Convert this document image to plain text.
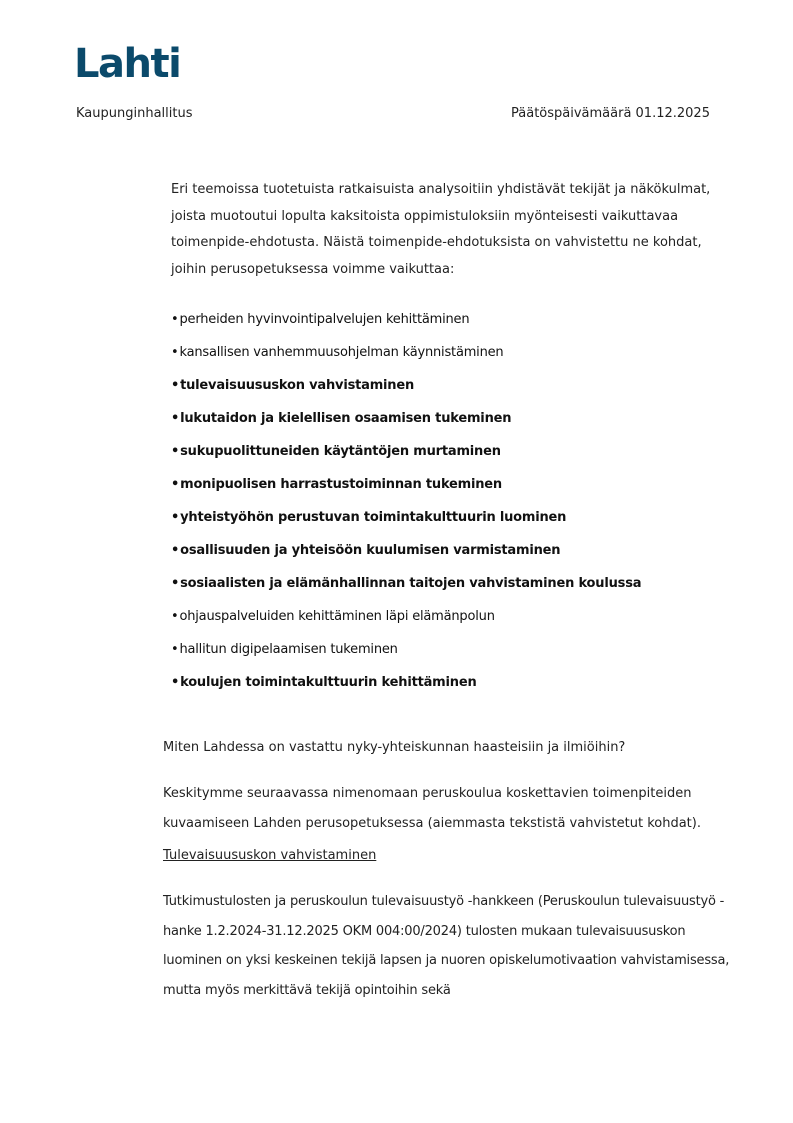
Lahti
Kaupunginhallitus	Päätöspäivämäärä 01.12.2025

Eri teemoissa tuotetuista ratkaisuista analysoitiin yhdistävät tekijät ja näkökulmat, joista muotoutui lopulta kaksitoista oppimistuloksiin myönteisesti vaikuttavaa toimenpide-ehdotusta. Näistä toimenpide-ehdotuksista on vahvistettu ne kohdat, joihin perusopetuksessa voimme vaikuttaa:

•perheiden hyvinvointipalvelujen kehittäminen
•kansallisen vanhemmuusohjelman käynnistäminen
•tulevaisuususkon vahvistaminen
•lukutaidon ja kielellisen osaamisen tukeminen
•sukupuolittuneiden käytäntöjen murtaminen
•monipuolisen harrastustoiminnan tukeminen
•yhteistyöhön perustuvan toimintakulttuurin luominen
•osallisuuden ja yhteisöön kuulumisen varmistaminen
•sosiaalisten ja elämänhallinnan taitojen vahvistaminen koulussa
•ohjauspalveluiden kehittäminen läpi elämänpolun
•hallitun digipelaamisen tukeminen
•koulujen toimintakulttuurin kehittäminen

Miten Lahdessa on vastattu nyky-yhteiskunnan haasteisiin ja ilmiöihin?

Keskitymme seuraavassa nimenomaan peruskoulua koskettavien toimenpiteiden kuvaamiseen Lahden perusopetuksessa (aiemmasta tekstistä vahvistetut kohdat).

Tulevaisuususkon vahvistaminen

Tutkimustulosten ja peruskoulun tulevaisuustyö -hankkeen (Peruskoulun tulevaisuustyö -hanke 1.2.2024-31.12.2025 OKM 004:00/2024) tulosten mukaan tulevaisuususkon luominen on yksi keskeinen tekijä lapsen ja nuoren opiskelumotivaation vahvistamisessa, mutta myös merkittävä tekijä opintoihin sekä
